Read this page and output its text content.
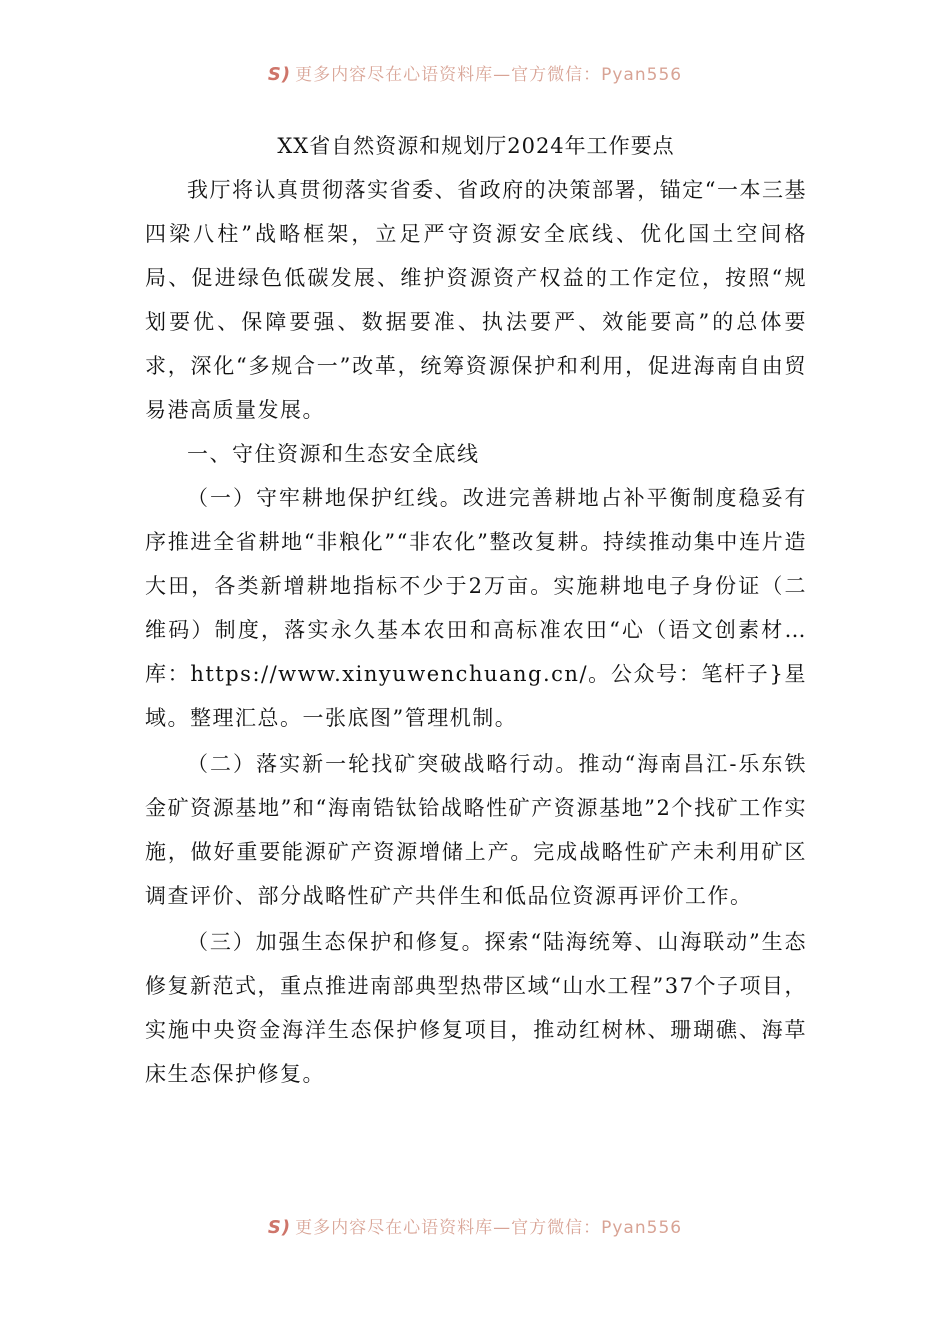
S) 更多内容尽在心语资料库—官方微信：Pyan556
XX省自然资源和规划厅2024年工作要点

我厅将认真贯彻落实省委、省政府的决策部署，锚定“一本三基四梁八柱”战略框架，立足严守资源安全底线、优化国土空间格局、促进绿色低碳发展、维护资源资产权益的工作定位，按照“规划要优、保障要强、数据要准、执法要严、效能要高”的总体要求，深化“多规合一”改革，统筹资源保护和利用，促进海南自由贸易港高质量发展。

一、守住资源和生态安全底线

（一）守牢耕地保护红线。改进完善耕地占补平衡制度稳妥有序推进全省耕地“非粮化”“非农化”整改复耕。持续推动集中连片造大田，各类新增耕地指标不少于2万亩。实施耕地电子身份证（二维码）制度，落实永久基本农田和高标准农田“心（语文创素材…库：https://www.xinyuwenchuang.cn/。公众号：笔杆子}星域。整理汇总。一张底图”管理机制。

（二）落实新一轮找矿突破战略行动。推动“海南昌江-乐东铁金矿资源基地”和“海南锆钛铪战略性矿产资源基地”2个找矿工作实施，做好重要能源矿产资源增储上产。完成战略性矿产未利用矿区调查评价、部分战略性矿产共伴生和低品位资源再评价工作。

（三）加强生态保护和修复。探索“陆海统筹、山海联动”生态修复新范式，重点推进南部典型热带区域“山水工程”37个子项目，实施中央资金海洋生态保护修复项目，推动红树林、珊瑚礁、海草床生态保护修复。

S) 更多内容尽在心语资料库—官方微信：Pyan556
